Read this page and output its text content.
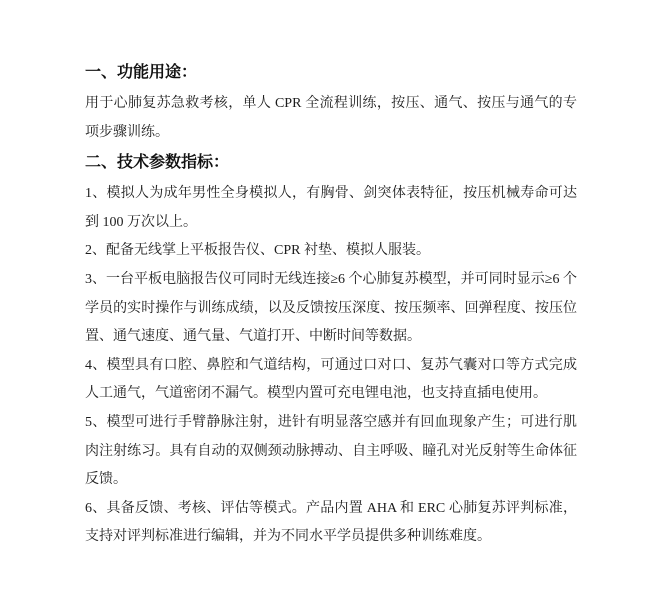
一、功能用途：

用于心肺复苏急救考核，单人 CPR 全流程训练，按压、通气、按压与通气的专项步骤训练。

二、技术参数指标：

1、模拟人为成年男性全身模拟人，有胸骨、剑突体表特征，按压机械寿命可达到 100 万次以上。

2、配备无线掌上平板报告仪、CPR 衬垫、模拟人服装。

3、一台平板电脑报告仪可同时无线连接≥6 个心肺复苏模型，并可同时显示≥6 个学员的实时操作与训练成绩，以及反馈按压深度、按压频率、回弹程度、按压位置、通气速度、通气量、气道打开、中断时间等数据。

4、模型具有口腔、鼻腔和气道结构，可通过口对口、复苏气囊对口等方式完成人工通气，气道密闭不漏气。模型内置可充电锂电池，也支持直插电使用。

5、模型可进行手臂静脉注射，进针有明显落空感并有回血现象产生；可进行肌肉注射练习。具有自动的双侧颈动脉搏动、自主呼吸、瞳孔对光反射等生命体征反馈。

6、具备反馈、考核、评估等模式。产品内置 AHA 和 ERC 心肺复苏评判标准，支持对评判标准进行编辑，并为不同水平学员提供多种训练难度。
